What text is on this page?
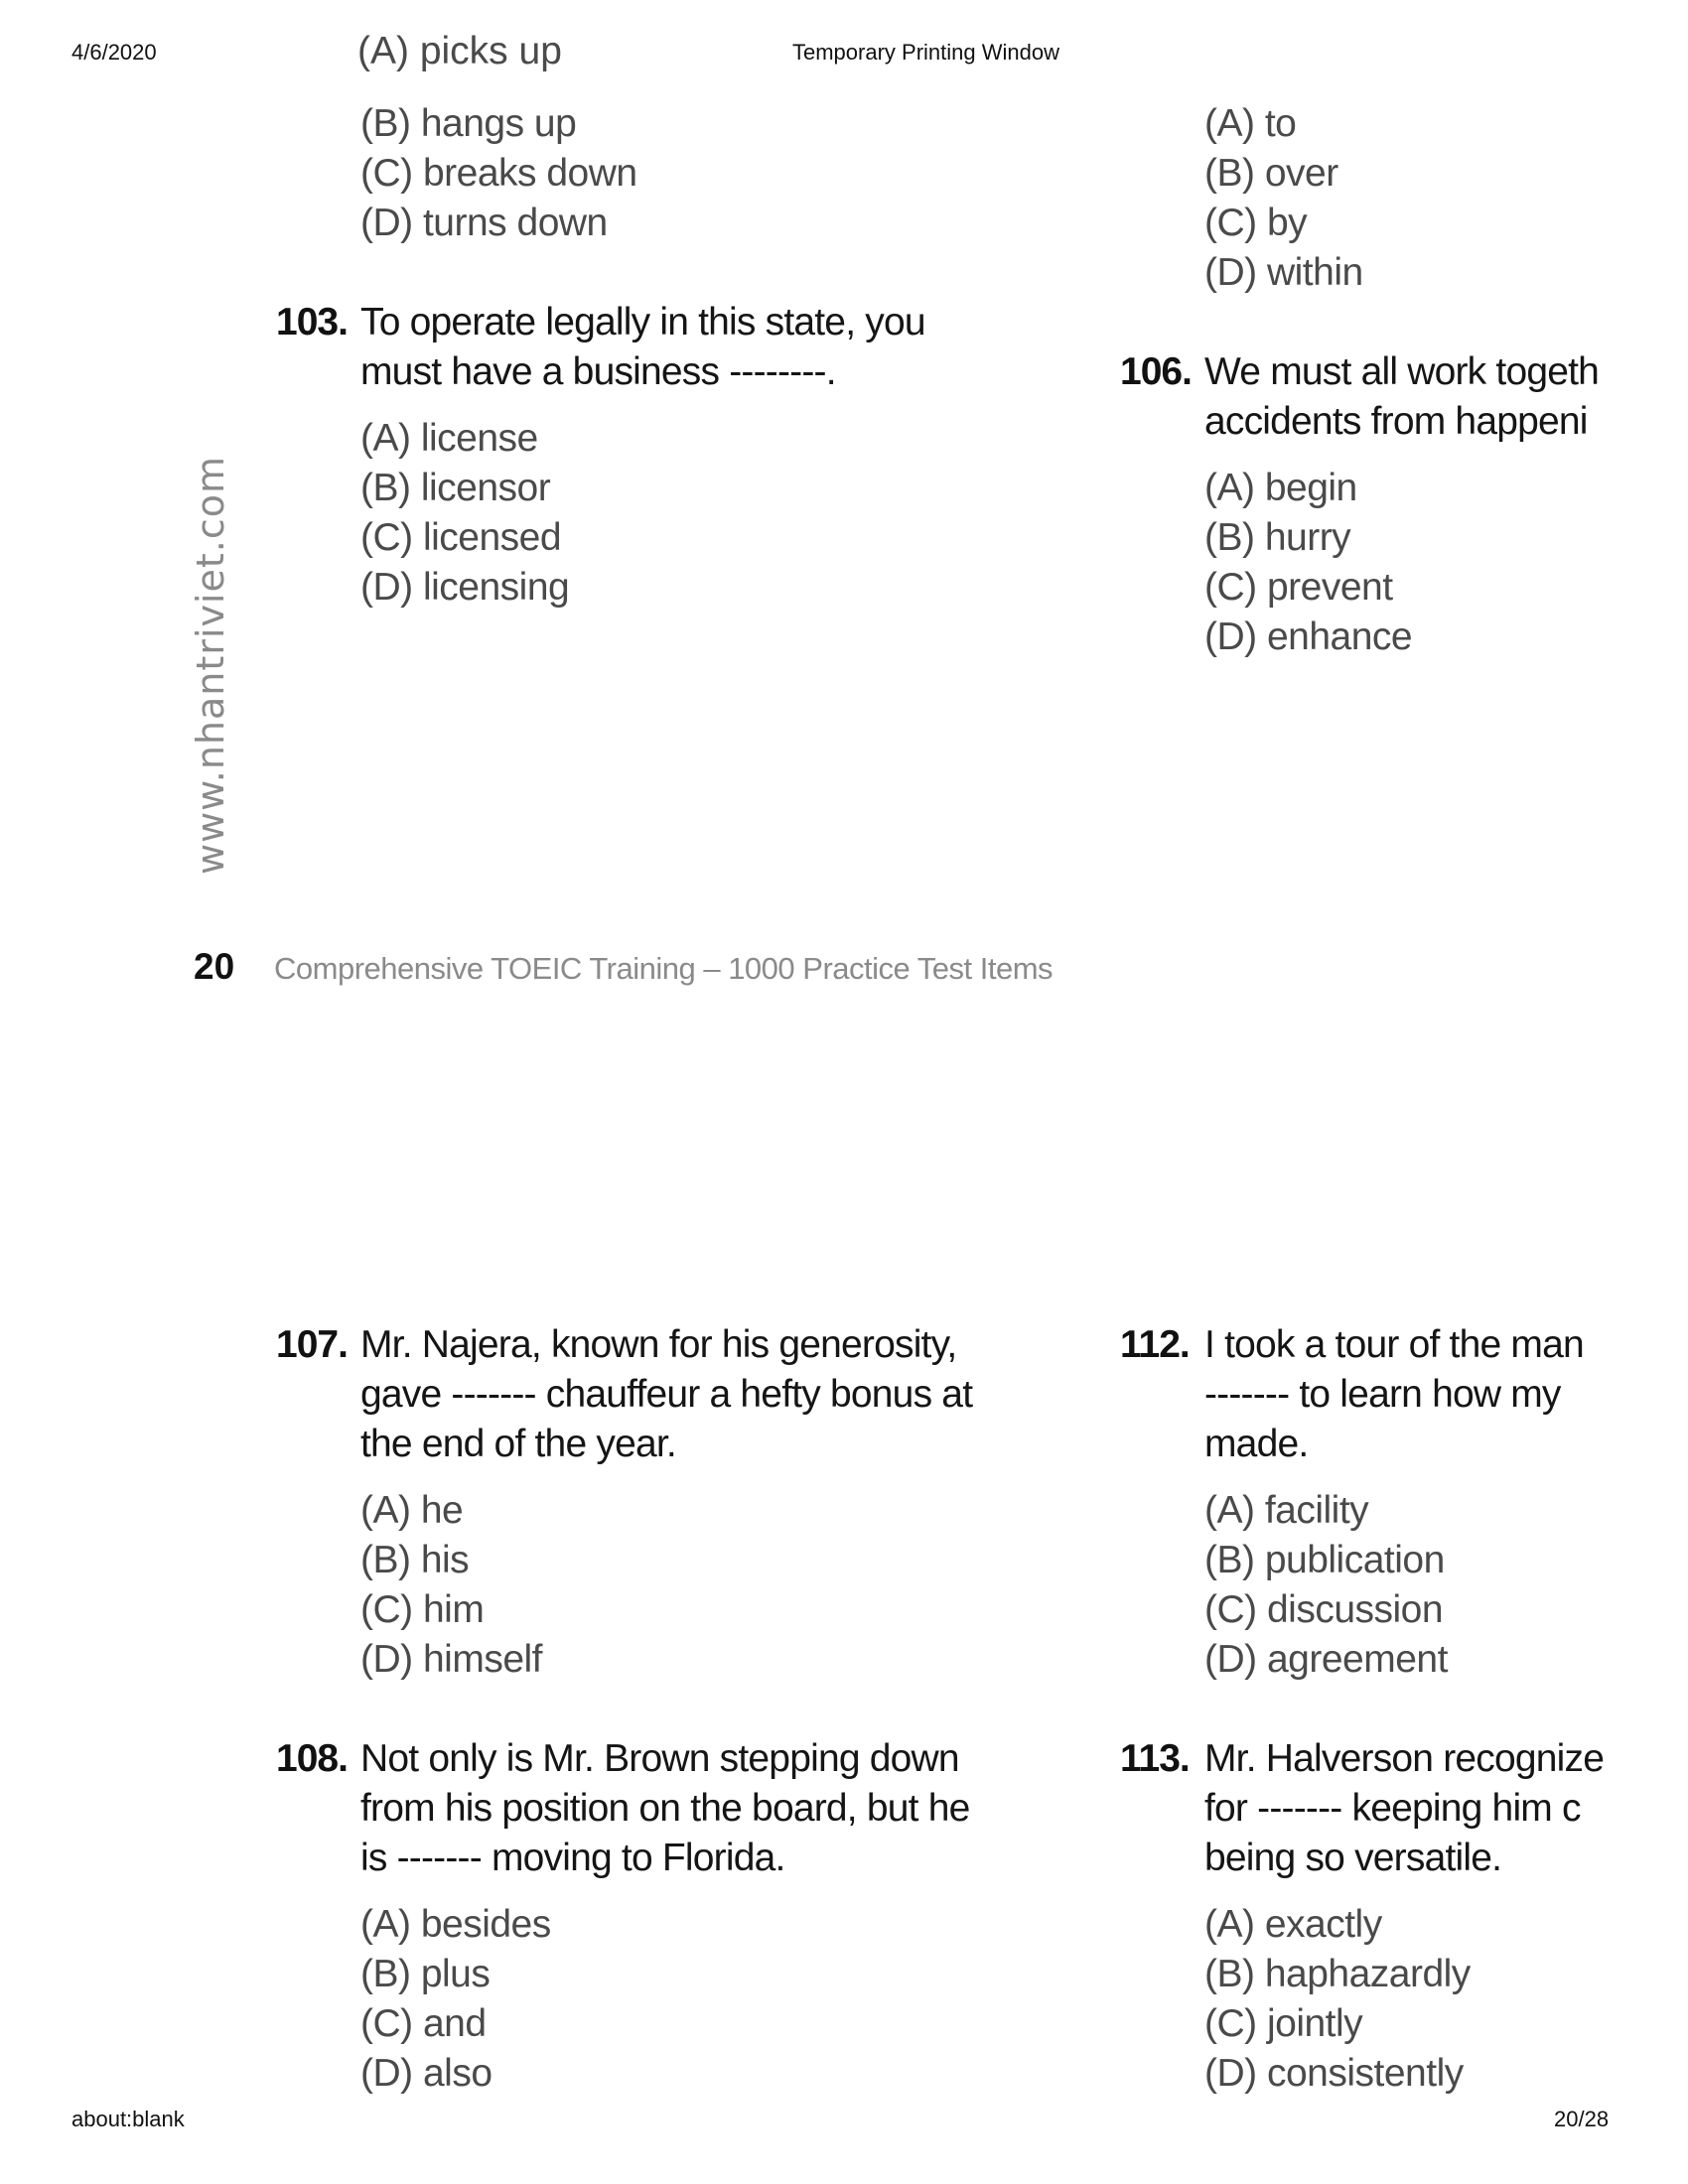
4/6/2020	Temporary Printing Window
about:blank	20/28
(A) picks up
(B) hangs up
(C) breaks down
(D) turns down
(A) to
(B) over
(C) by
(D) within
103. To operate legally in this state, you
must have a business --------.
(A) license
(B) licensor
(C) licensed
(D) licensing
106. We must all work togeth
accidents from happeni
(A) begin
(B) hurry
(C) prevent
(D) enhance
www.nhantriviet.com
20 Comprehensive TOEIC Training – 1000 Practice Test Items
107. Mr. Najera, known for his generosity,
gave ------- chauffeur a hefty bonus at
the end of the year.
(A) he
(B) his
(C) him
(D) himself
108. Not only is Mr. Brown stepping down
from his position on the board, but he
is ------- moving to Florida.
(A) besides
(B) plus
(C) and
(D) also
112. I took a tour of the man
------- to learn how my
made.
(A) facility
(B) publication
(C) discussion
(D) agreement
113. Mr. Halverson recognize
for ------- keeping him c
being so versatile.
(A) exactly
(B) haphazardly
(C) jointly
(D) consistently
